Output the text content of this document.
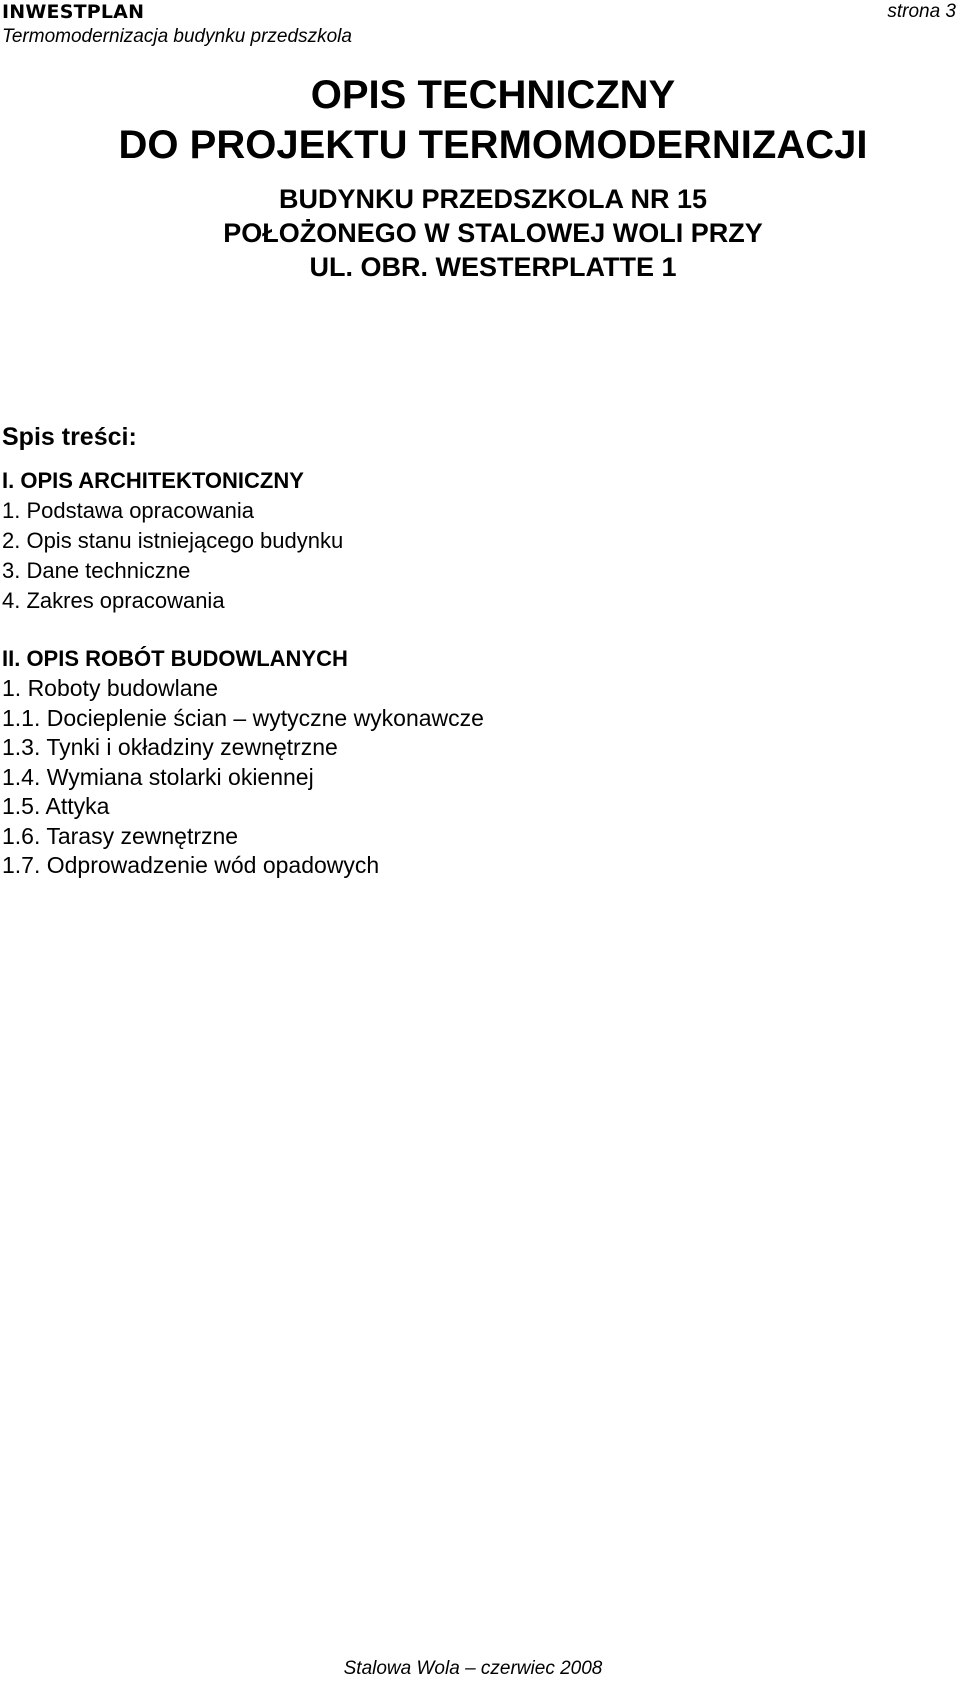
INWESTPLAN
Termomodernizacja budynku przedszkola
strona 3
OPIS TECHNICZNY
DO PROJEKTU TERMOMODERNIZACJI
BUDYNKU PRZEDSZKOLA NR 15
POŁOŻONEGO W STALOWEJ WOLI PRZY
UL. OBR. WESTERPLATTE 1
Spis treści:
I. OPIS ARCHITEKTONICZNY
1. Podstawa opracowania
2. Opis stanu istniejącego budynku
3. Dane techniczne
4. Zakres opracowania
II. OPIS ROBÓT BUDOWLANYCH
1. Roboty budowlane
1.1. Docieplenie ścian – wytyczne wykonawcze
1.3. Tynki i okładziny zewnętrzne
1.4. Wymiana stolarki okiennej
1.5. Attyka
1.6. Tarasy zewnętrzne
1.7. Odprowadzenie wód opadowych
Stalowa Wola – czerwiec 2008
